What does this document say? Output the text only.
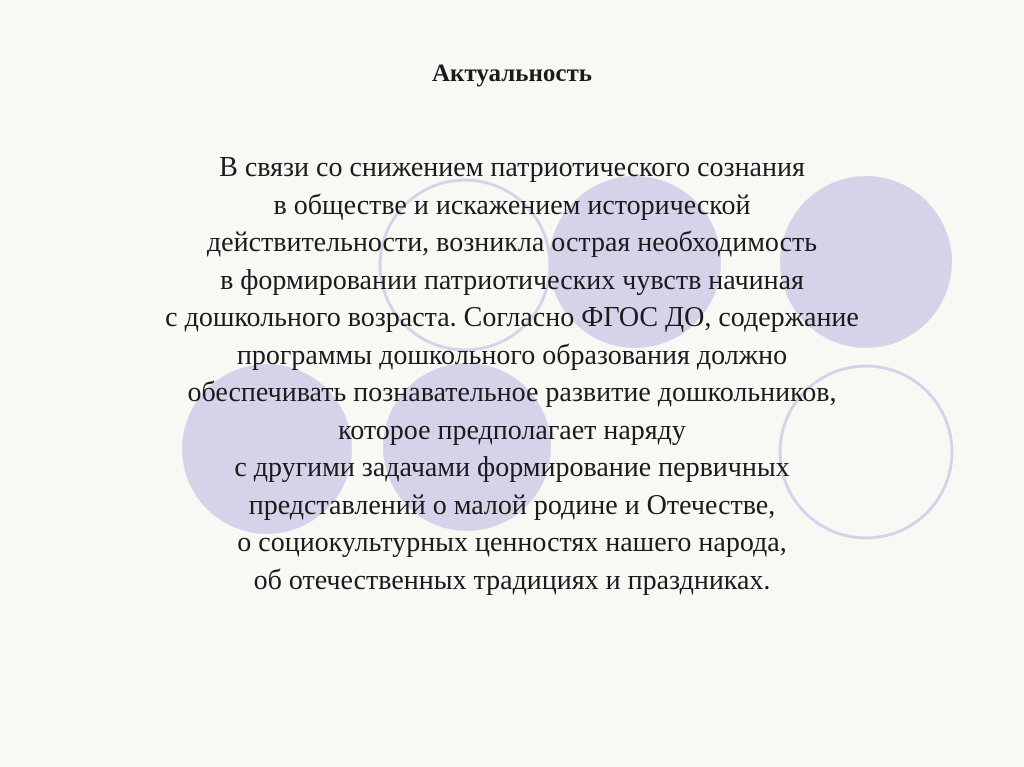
Актуальность
В связи со снижением патриотического сознания
в обществе и искажением исторической
действительности, возникла острая необходимость
в формировании патриотических чувств начиная
с дошкольного возраста. Согласно ФГОС ДО, содержание
программы дошкольного образования должно
обеспечивать познавательное развитие дошкольников,
которое предполагает наряду
с другими задачами формирование первичных
представлений о малой родине и Отечестве,
о социокультурных ценностях нашего народа,
об отечественных традициях и праздниках.
